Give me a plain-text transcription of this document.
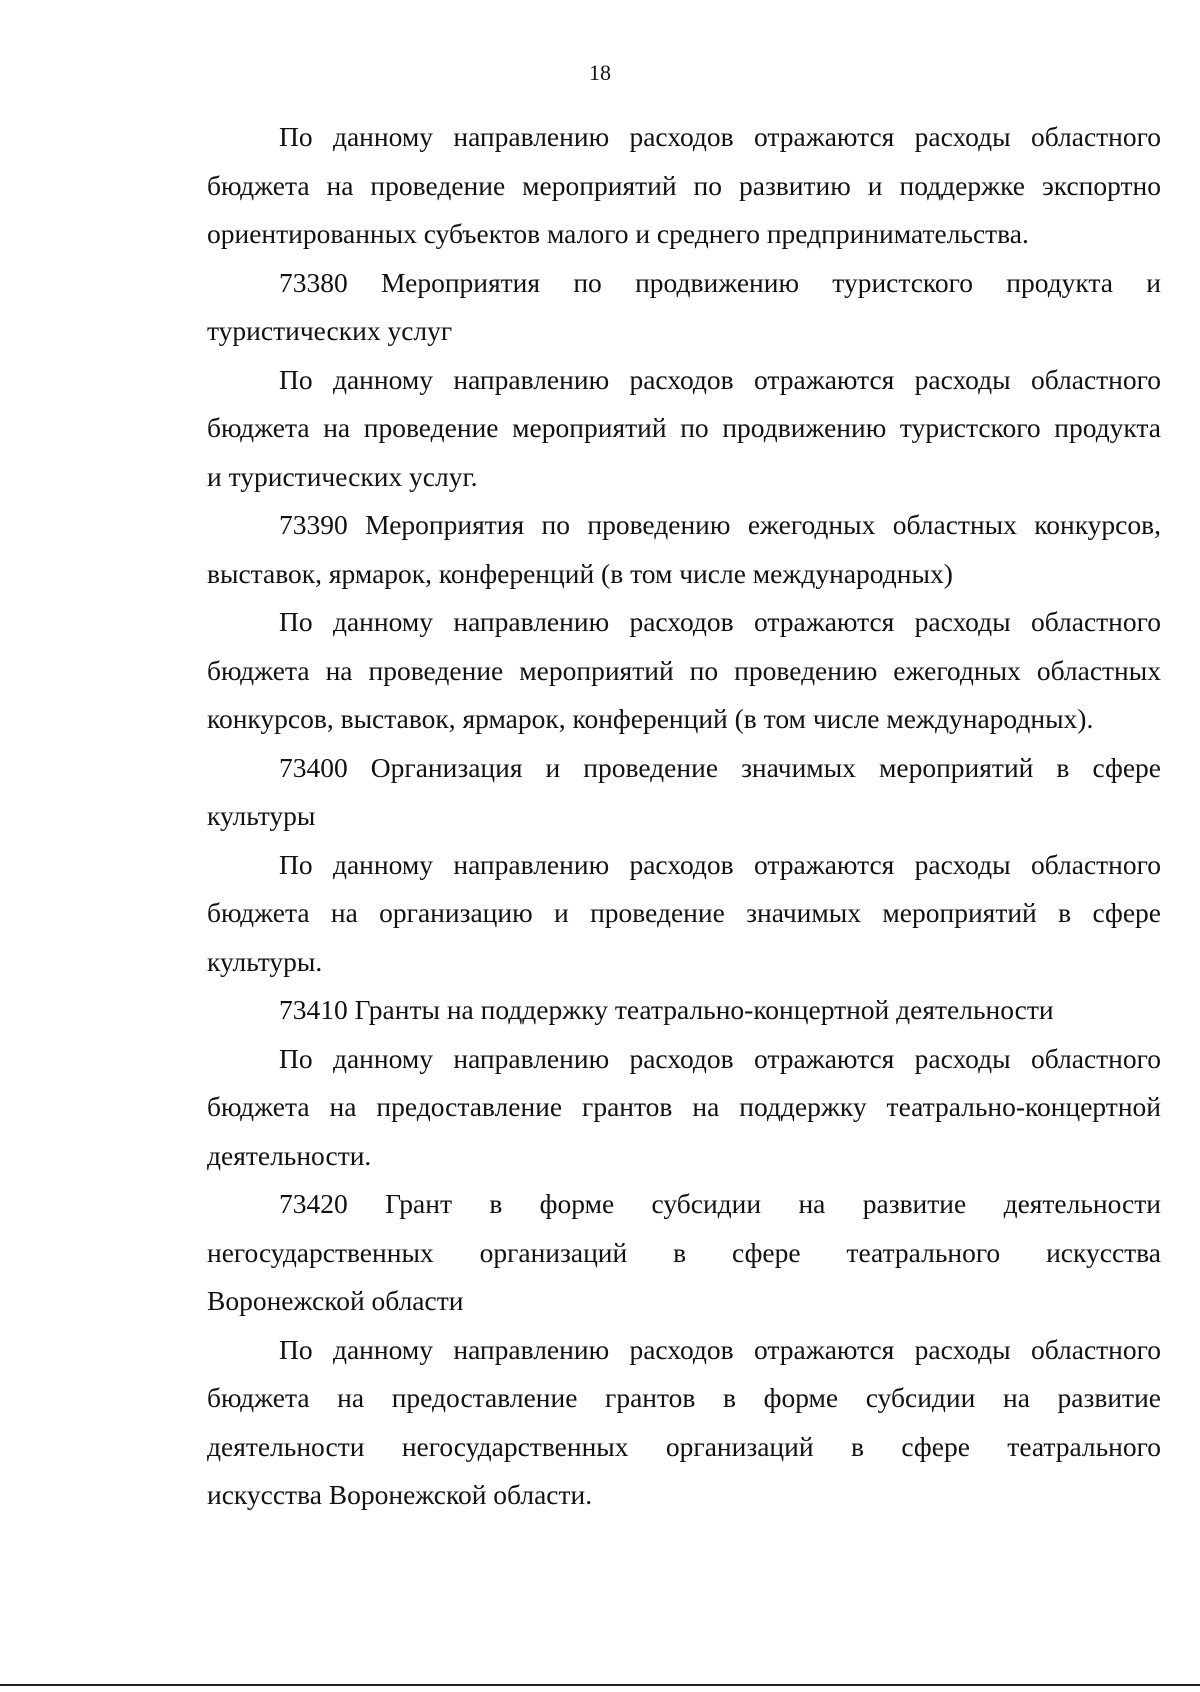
18
По данному направлению расходов отражаются расходы областного
бюджета на проведение мероприятий по развитию и поддержке экспортно
ориентированных субъектов малого и среднего предпринимательства.
73380 Мероприятия по продвижению туристского продукта и
туристических услуг
По данному направлению расходов отражаются расходы областного
бюджета на проведение мероприятий по продвижению туристского продукта
и туристических услуг.
73390 Мероприятия по проведению ежегодных областных конкурсов,
выставок, ярмарок, конференций (в том числе международных)
По данному направлению расходов отражаются расходы областного
бюджета на проведение мероприятий по проведению ежегодных областных
конкурсов, выставок, ярмарок, конференций (в том числе международных).
73400 Организация и проведение значимых мероприятий в сфере
культуры
По данному направлению расходов отражаются расходы областного
бюджета на организацию и проведение значимых мероприятий в сфере
культуры.
73410 Гранты на поддержку театрально-концертной деятельности
По данному направлению расходов отражаются расходы областного
бюджета на предоставление грантов на поддержку театрально-концертной
деятельности.
73420 Грант в форме субсидии на развитие деятельности
негосударственных организаций в сфере театрального искусства
Воронежской области
По данному направлению расходов отражаются расходы областного
бюджета на предоставление грантов в форме субсидии на развитие
деятельности негосударственных организаций в сфере театрального
искусства Воронежской области.
